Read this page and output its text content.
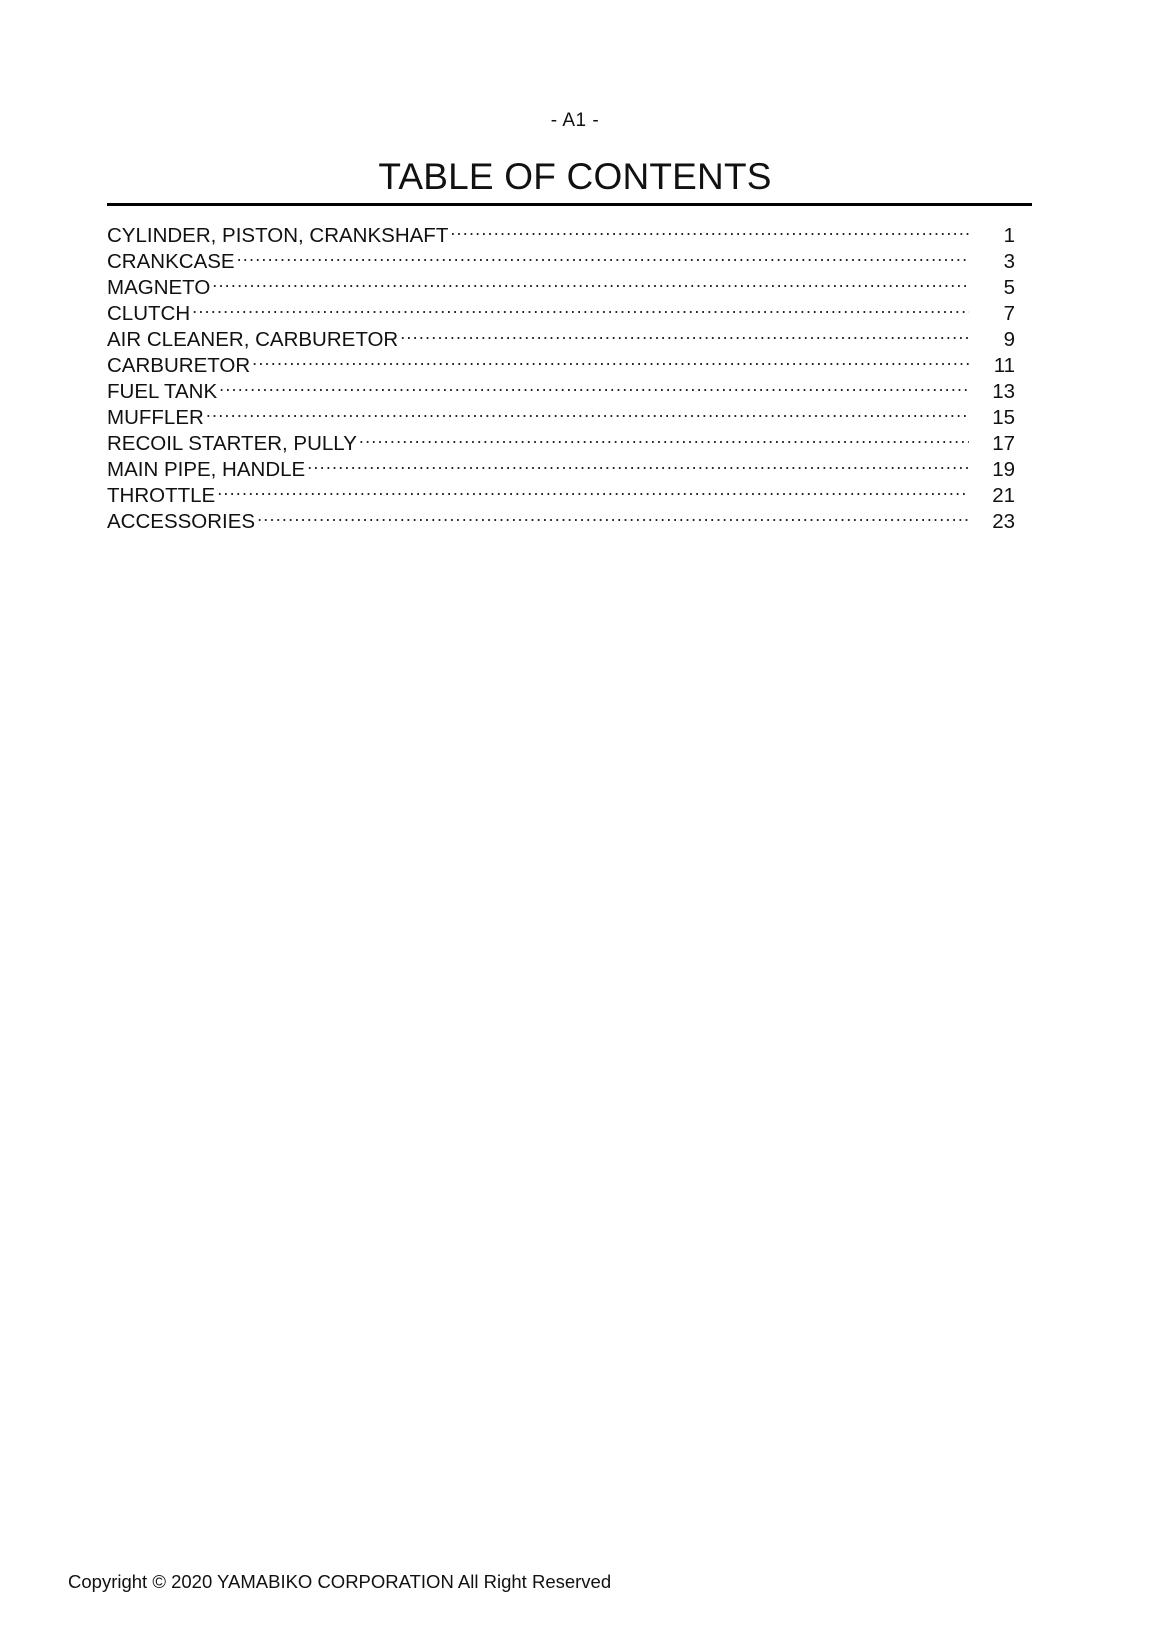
- A1 -
TABLE OF CONTENTS
CYLINDER, PISTON, CRANKSHAFT .....	1
CRANKCASE .....	3
MAGNETO .....	5
CLUTCH .....	7
AIR CLEANER, CARBURETOR .....	9
CARBURETOR .....	11
FUEL TANK .....	13
MUFFLER .....	15
RECOIL STARTER, PULLY .....	17
MAIN PIPE, HANDLE .....	19
THROTTLE .....	21
ACCESSORIES .....	23
Copyright © 2020 YAMABIKO CORPORATION All Right Reserved
